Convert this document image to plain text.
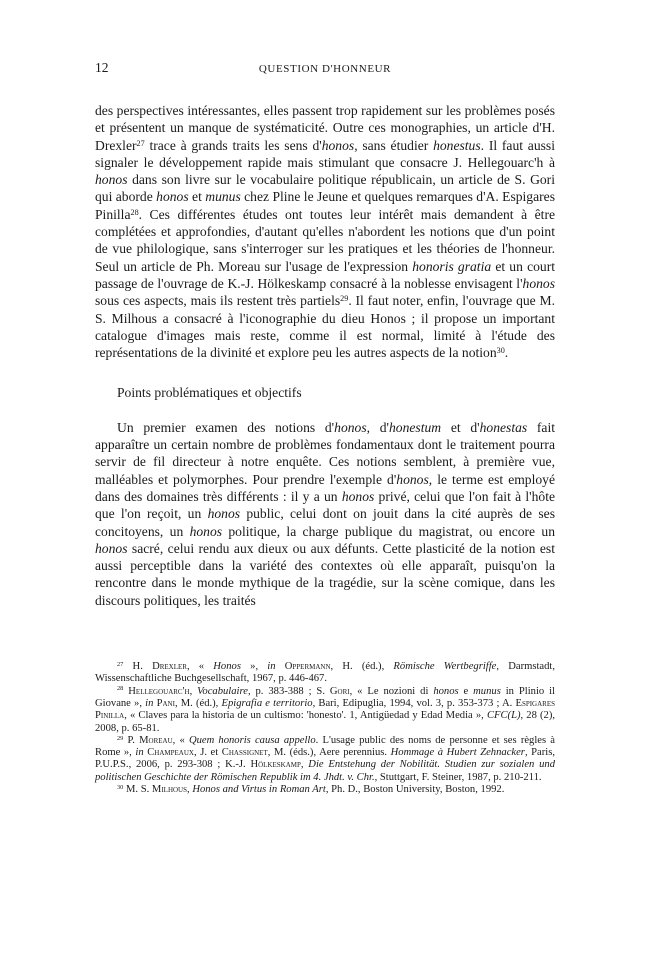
12	QUESTION D'HONNEUR

des perspectives intéressantes, elles passent trop rapidement sur les problèmes posés et présentent un manque de systématicité. Outre ces monographies, un article d'H. Drexler$^{27}$ trace à grands traits les sens d'honos, sans étudier honestus. Il faut aussi signaler le développement rapide mais stimulant que consacre J. Hellegouarc'h à honos dans son livre sur le vocabulaire politique républicain, un article de S. Gori qui aborde honos et munus chez Pline le Jeune et quelques remarques d'A. Espigares Pinilla$^{28}$. Ces différentes études ont toutes leur intérêt mais demandent à être complétées et approfondies, d'autant qu'elles n'abordent les notions que d'un point de vue philologique, sans s'interroger sur les pratiques et les théories de l'honneur. Seul un article de Ph. Moreau sur l'usage de l'expression honoris gratia et un court passage de l'ouvrage de K.-J. Hölkeskamp consacré à la noblesse envisagent l'honos sous ces aspects, mais ils restent très partiels$^{29}$. Il faut noter, enfin, l'ouvrage que M. S. Milhous a consacré à l'iconographie du dieu Honos ; il propose un important catalogue d'images mais reste, comme il est normal, limité à l'étude des représentations de la divinité et explore peu les autres aspects de la notion$^{30}$.

Points problématiques et objectifs

Un premier examen des notions d'honos, d'honestum et d'honestas fait apparaître un certain nombre de problèmes fondamentaux dont le traitement pourra servir de fil directeur à notre enquête. Ces notions semblent, à première vue, malléables et polymorphes. Pour prendre l'exemple d'honos, le terme est employé dans des domaines très différents : il y a un honos privé, celui que l'on fait à l'hôte que l'on reçoit, un honos public, celui dont on jouit dans la cité auprès de ses concitoyens, un honos politique, la charge publique du magistrat, ou encore un honos sacré, celui rendu aux dieux ou aux défunts. Cette plasticité de la notion est aussi perceptible dans la variété des contextes où elle apparaît, puisqu'on la rencontre dans le monde mythique de la tragédie, sur la scène comique, dans les discours politiques, les traités

$^{27}$ H. Drexler, « Honos », in Oppermann, H. (éd.), Römische Wertbegriffe, Darmstadt, Wissenschaftliche Buchgesellschaft, 1967, p. 446-467.

$^{28}$ Hellegouarc'h, Vocabulaire, p. 383-388 ; S. Gori, « Le nozioni di honos e munus in Plinio il Giovane », in Pani, M. (éd.), Epigrafia e territorio, Bari, Edipuglia, 1994, vol. 3, p. 353-373 ; A. Espigares Pinilla, « Claves para la historia de un cultismo: 'honesto'. 1, Antigüedad y Edad Media », CFC(L), 28 (2), 2008, p. 65-81.

$^{29}$ P. Moreau, « Quem honoris causa appello. L'usage public des noms de personne et ses règles à Rome », in Champeaux, J. et Chassignet, M. (éds.), Aere perennius. Hommage à Hubert Zehnacker, Paris, P.U.P.S., 2006, p. 293-308 ; K.-J. Hölkeskamp, Die Entstehung der Nobilität. Studien zur sozialen und politischen Geschichte der Römischen Republik im 4. Jhdt. v. Chr., Stuttgart, F. Steiner, 1987, p. 210-211.

$^{30}$ M. S. Milhous, Honos and Virtus in Roman Art, Ph. D., Boston University, Boston, 1992.
